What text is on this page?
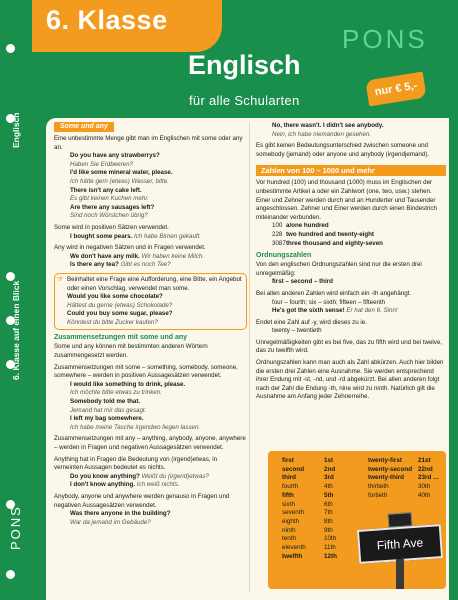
Englisch
6. Klasse auf einen Blick
PONS
6. Klasse
Englisch
für alle Schularten
PONS
nur € 5,-
Some und any
Eine unbestimmte Menge gibt man im Englischen mit some oder any an.
Do you have any strawberrys?
Haben Sie Erdbeeren?
I'd like some mineral water, please.
Ich hätte gern (etwas) Wasser, bitte.
There isn't any cake left.
Es gibt keinen Kuchen mehr.
Are there any sausages left?
Sind noch Würstchen übrig?
Some wird in positiven Sätzen verwendet.
I bought some pears. Ich habe Birnen gekauft.
Any wird in negativen Sätzen und in Fragen verwendet.
We don't have any milk. Wir haben keine Milch.
Is there any tea? Gibt es noch Tee?
☞ Beinhaltet eine Frage eine Aufforderung, eine Bitte, ein Angebot oder einen Vorschlag, verwendet man some.
Would you like some chocolate?
Hättest du gerne (etwas) Schokolade?
Could you buy some sugar, please?
Könntest du bitte Zucker kaufen?
Zusammensetzungen mit some und any
Some und any können mit bestimmten anderen Wörtern zusammengesetzt werden.
Zusammensetzungen mit some – something, somebody, someone, somewhere – werden in positiven Aussagesätzen verwendet.
I would like something to drink, please.
Ich möchte bitte etwas zu trinken.
Somebody told me that.
Jemand hat mir das gesagt.
I left my bag somewhere.
Ich habe meine Tasche irgendwo liegen lassen.
Zusammensetzungen mit any – anything, anybody, anyone, anywhere – werden in Fragen und negativen Aussagesätzen verwendet.
Anything hat in Fragen die Bedeutung von (irgend)etwas, in verneinten Aussagen bedeutet es nichts.
Do you know anything? Weißt du (irgend)etwas?
I don't know anything. Ich weiß nichts.
Anybody, anyone und anywhere werden genauso in Fragen und negativen Aussagesätzen verwendet.
Was there anyone in the building?
War da jemand im Gebäude?
No, there wasn't. I didn't see anybody.
Nein, ich habe niemanden gesehen.
Es gibt keinen Bedeutungsunterschied zwischen someone und somebody (jemand) oder anyone und anybody (irgendjemand).
Zahlen von 100 – 1000 und mehr
Vor hundred (100) und thousand (1000) muss im Englischen der unbestimmte Artikel a oder ein Zahlwort (one, two, usw.) stehen. Einer und Zehner werden durch and an Hunderter und Tausender angeschlossen. Zehner und Einer werden durch einen Bindestrich miteinander verbunden.
100 a/one hundred
228 two hundred and twenty-eight
3087 three thousand and eighty-seven
Ordnungszahlen
Von den englischen Ordnungszahlen sind nur die ersten drei unregelmäßig:
first – second – third
Bei allen anderen Zahlen wird einfach ein -th angehängt.
four – fourth; six – sixth; fifteen – fifteenth
He's got the sixth sense! Er hat den 6. Sinn!
Endet eine Zahl auf -y, wird dieses zu ie.
twenty – twentieth
Unregelmäßigkeiten gibt es bei five, das zu fifth wird und bei twelve, das zu twelfth wird.
Ordnungszahlen kann man auch als Zahl abkürzen. Auch hier bilden die ersten drei Zahlen eine Ausnahme. Sie werden entsprechend ihrer Endung mit -st, -nd, und -rd abgekürzt. Bei allen anderen folgt nach der Zahl die Endung -th, nine wird zu ninth. Natürlich gilt die Ausnahme am Anfang jeder Zehnerreihe.
first
second
third
fourth
fifth
sixth
seventh
eighth
ninth
tenth
eleventh
twelfth
1st
2nd
3rd
4th
5th
6th
7th
8th
9th
10th
11th
12th
twenty-first
twenty-second
twenty-third
thirtieth
fortieth
21st
22nd
23rd …
30th
40th
Fifth Ave
